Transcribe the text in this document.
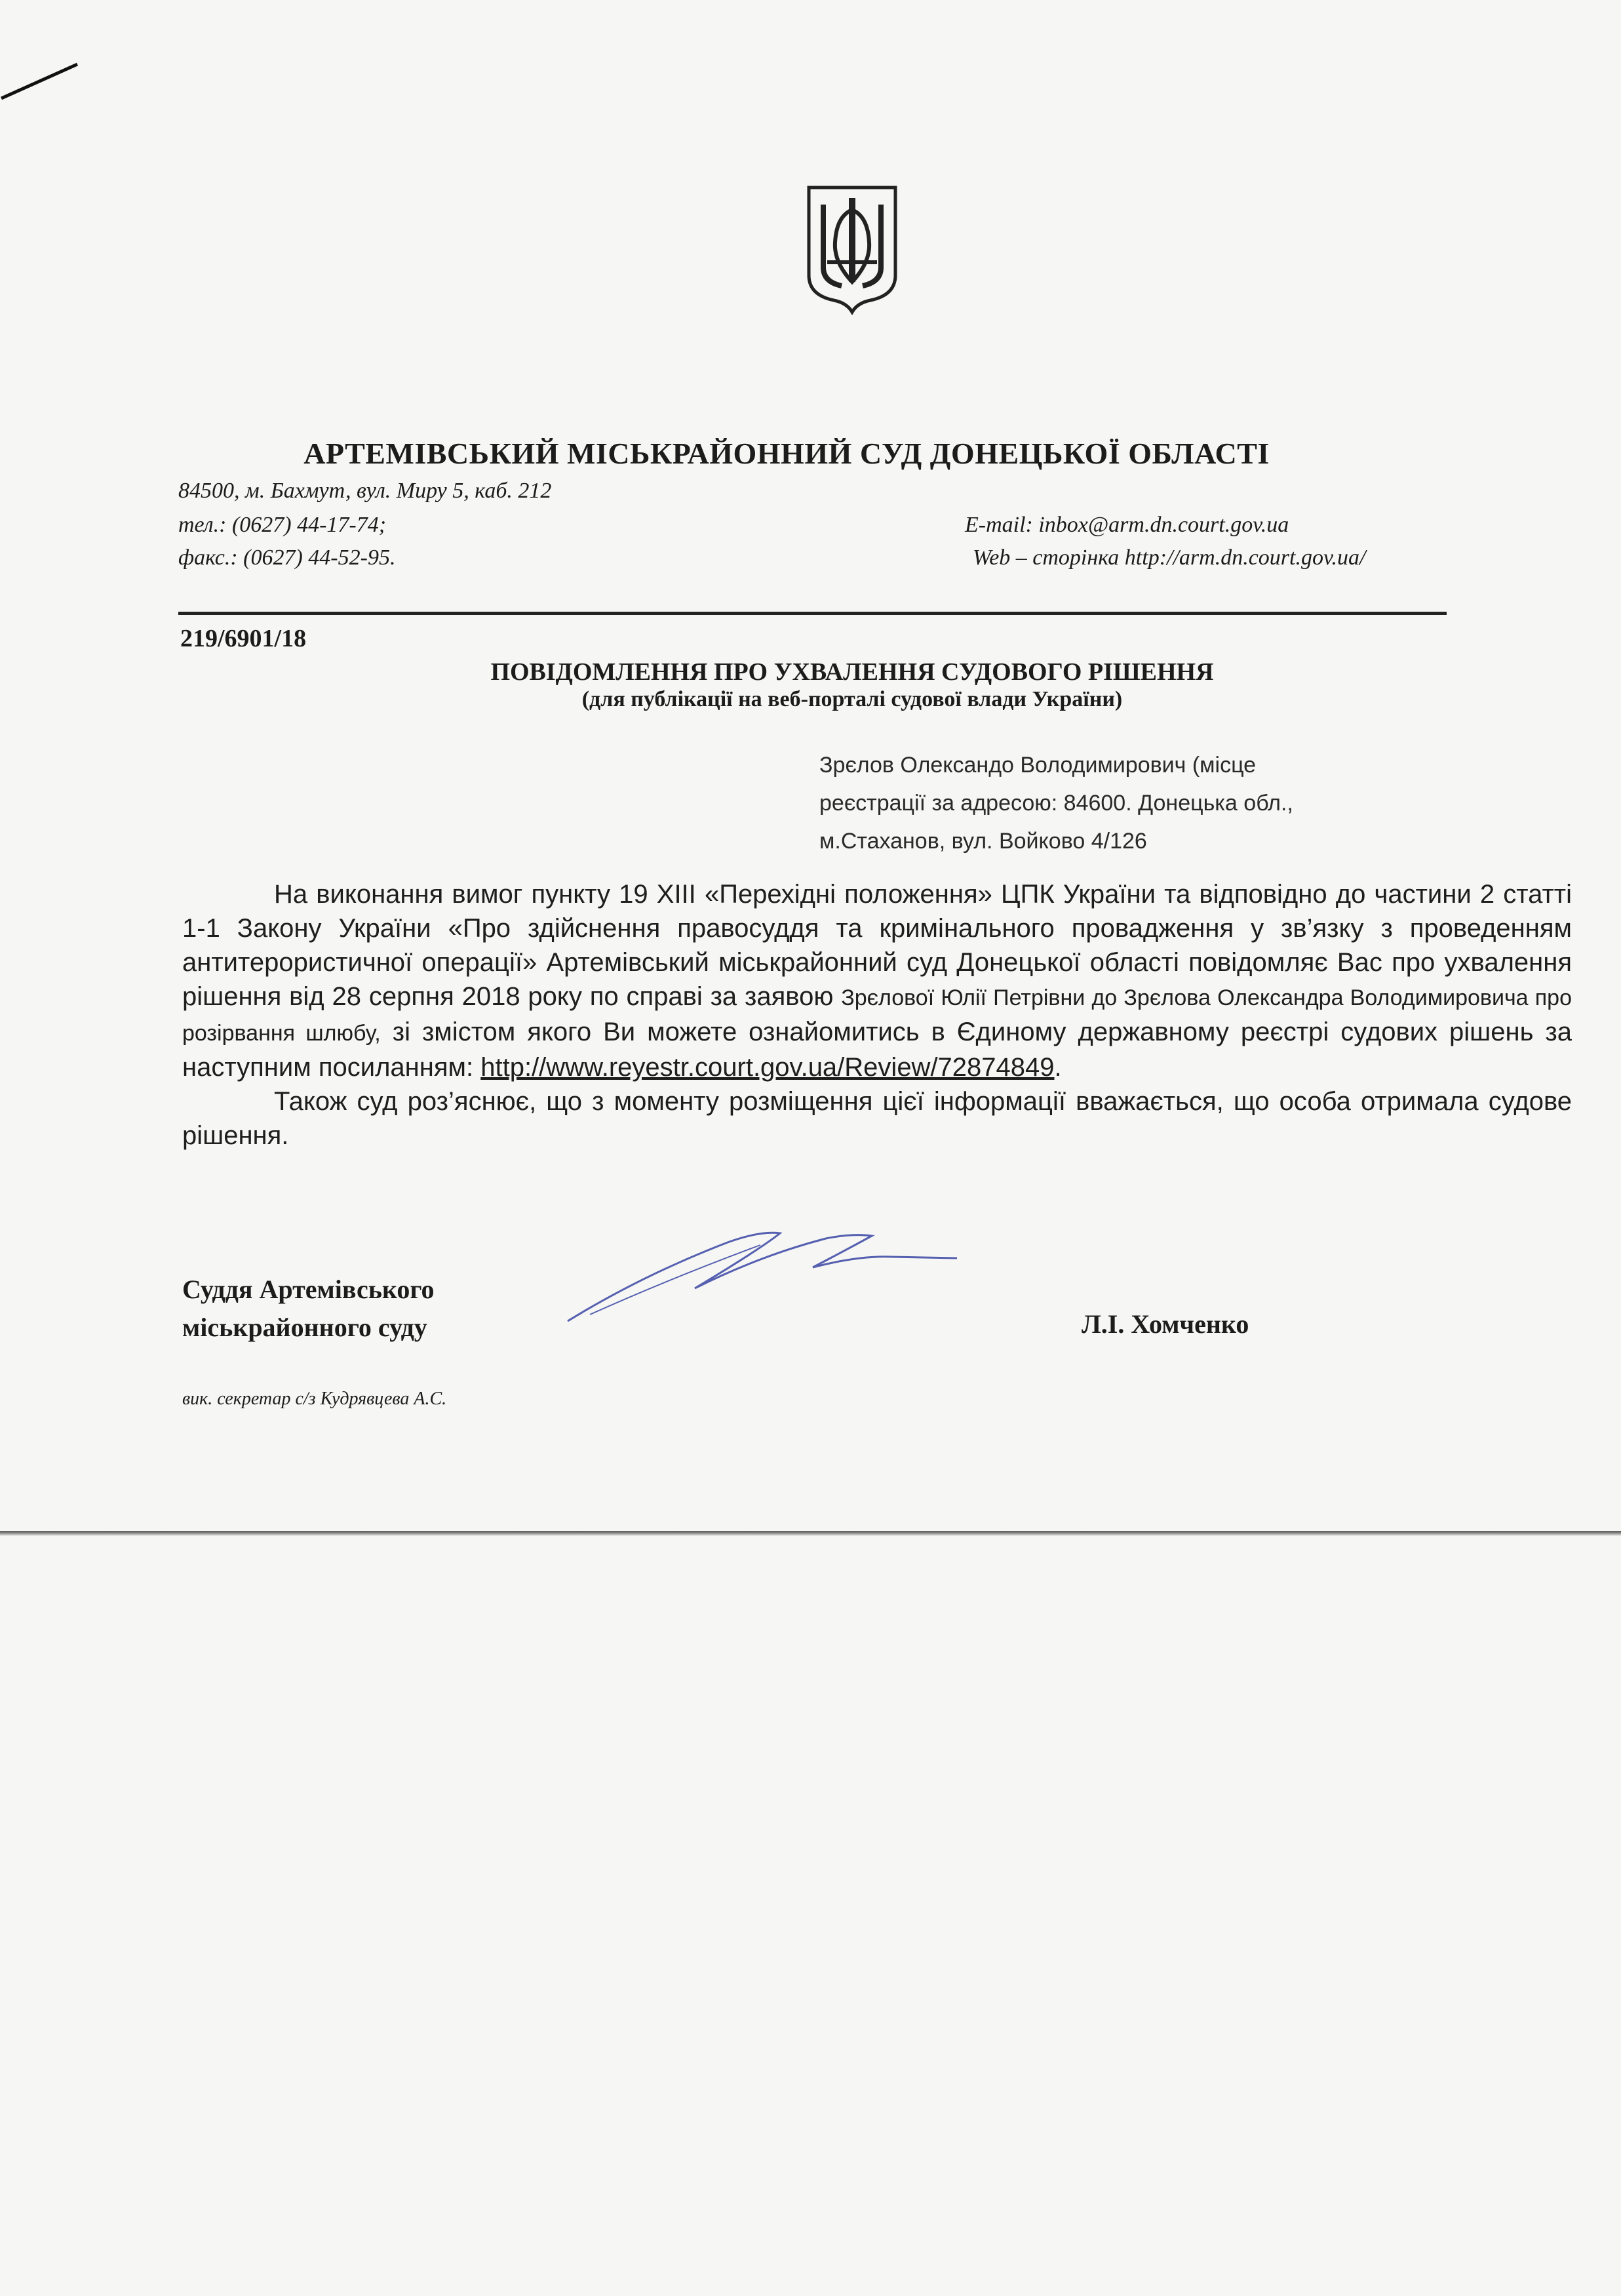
АРТЕМІВСЬКИЙ МІСЬКРАЙОННИЙ СУД ДОНЕЦЬКОЇ ОБЛАСТІ
84500, м. Бахмут, вул. Миру 5, каб. 212
тел.: (0627) 44-17-74;
факс.: (0627) 44-52-95.
E-mail: inbox@arm.dn.court.gov.ua
Web – сторінка http://arm.dn.court.gov.ua/
219/6901/18
ПОВІДОМЛЕННЯ ПРО УХВАЛЕННЯ СУДОВОГО РІШЕННЯ
(для публікації на веб-порталі судової влади України)
Зрєлов Олександо Володимирович (місце
реєстрації за адресою: 84600. Донецька обл.,
м.Стаханов, вул. Войково 4/126

На виконання вимог пункту 19 ХІІІ «Перехідні положення» ЦПК України та відповідно до частини 2 статті 1-1 Закону України «Про здійснення правосуддя та кримінального провадження у зв’язку з проведенням антитерористичної операції» Артемівський міськрайонний суд Донецької області повідомляє Вас про ухвалення рішення від 28 серпня 2018 року по справі за заявою Зрєлової Юлії Петрівни до Зрєлова Олександра Володимировича про розірвання шлюбу, зі змістом якого Ви можете ознайомитись в Єдиному державному реєстрі судових рішень за наступним посиланням: http://www.reyestr.court.gov.ua/Review/72874849.

Також суд роз’яснює, що з моменту розміщення цієї інформації вважається, що особа отримала судове рішення.

Суддя Артемівського
міськрайонного суду	Л.І. Хомченко
вик. секретар с/з Кудрявцева А.С.
